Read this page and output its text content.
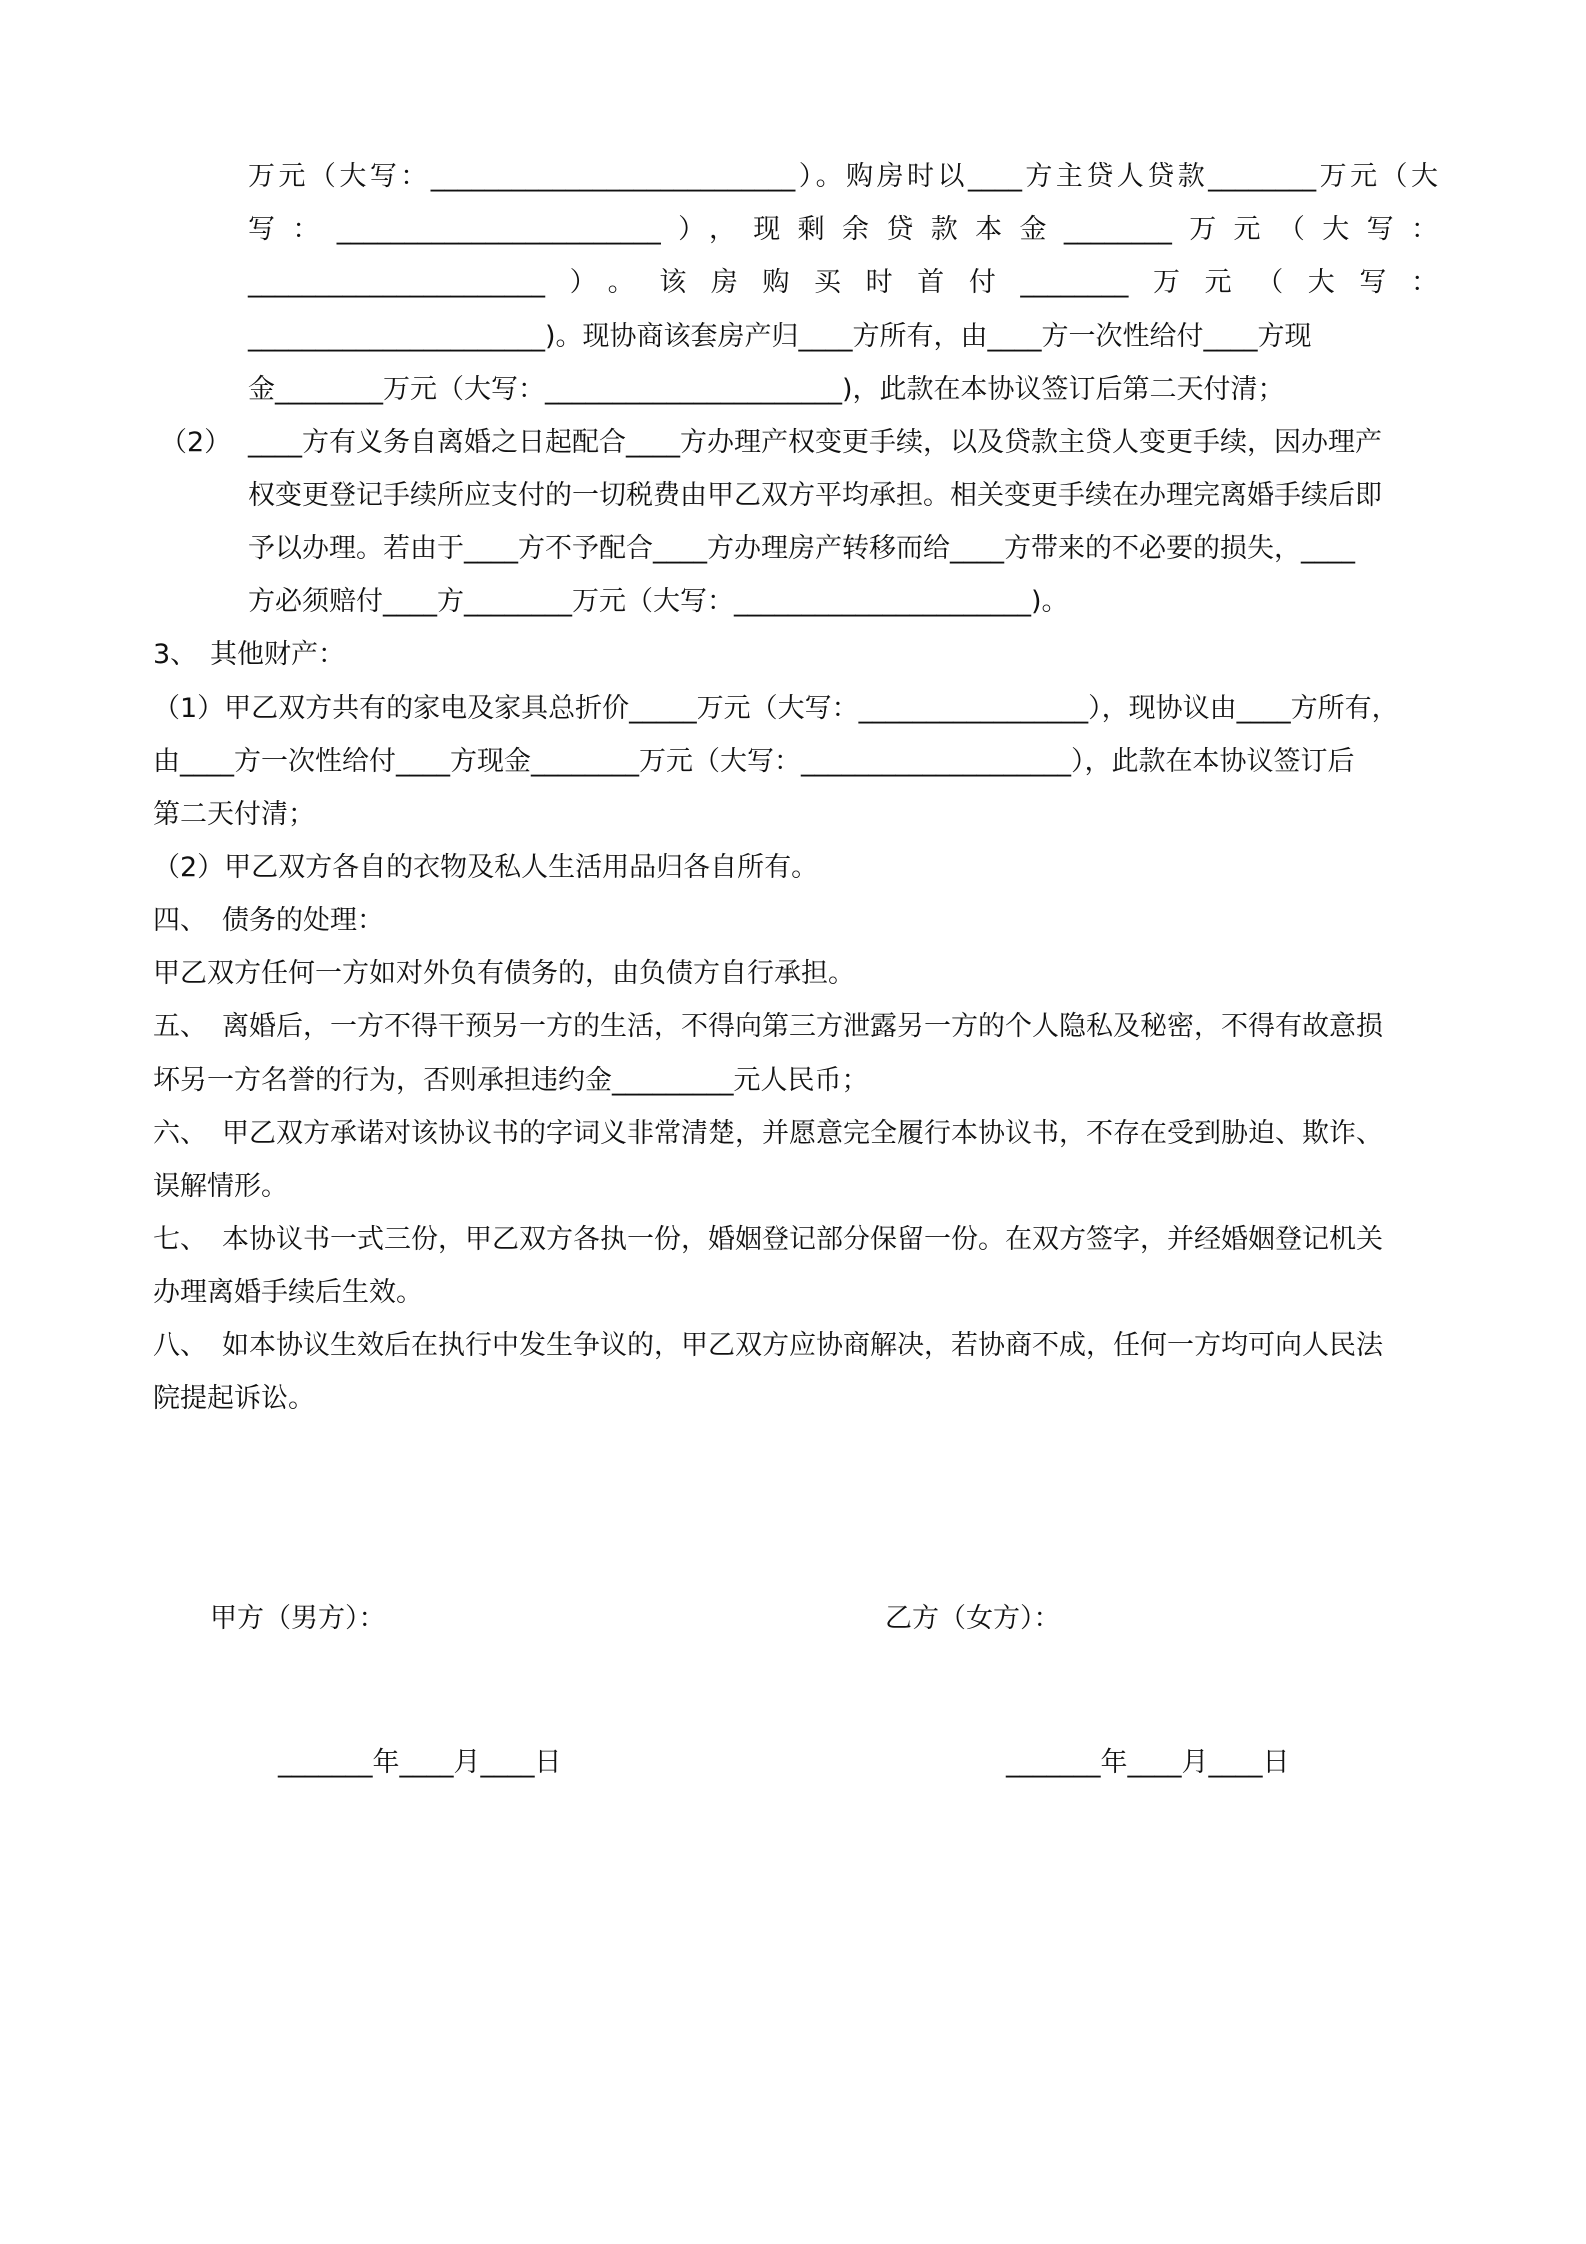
万元（大写：___________________________）。购房时以____方主贷人贷款________万元（大
写：________________________），现剩余贷款本金________万元（大写：
______________________）。该房购买时首付________万元（大写：
______________________)。现协商该套房产归____方所有，由____方一次性给付____方现
金________万元（大写：______________________)，此款在本协议签订后第二天付清；
（2） ____方有义务自离婚之日起配合____方办理产权变更手续，以及贷款主贷人变更手续，因办理产
权变更登记手续所应支付的一切税费由甲乙双方平均承担。相关变更手续在办理完离婚手续后即
予以办理。若由于____方不予配合____方办理房产转移而给____方带来的不必要的损失，____
方必须赔付____方________万元（大写：______________________)。
3、 其他财产：
（1）甲乙双方共有的家电及家具总折价_____万元（大写：_________________），现协议由____方所有，
由____方一次性给付____方现金________万元（大写：____________________），此款在本协议签订后
第二天付清；
（2）甲乙双方各自的衣物及私人生活用品归各自所有。
四、 债务的处理：
甲乙双方任何一方如对外负有债务的，由负债方自行承担。
五、 离婚后，一方不得干预另一方的生活，不得向第三方泄露另一方的个人隐私及秘密，不得有故意损
坏另一方名誉的行为，否则承担违约金_________元人民币；
六、 甲乙双方承诺对该协议书的字词义非常清楚，并愿意完全履行本协议书，不存在受到胁迫、欺诈、
误解情形。
七、 本协议书一式三份，甲乙双方各执一份，婚姻登记部分保留一份。在双方签字，并经婚姻登记机关
办理离婚手续后生效。
八、 如本协议生效后在执行中发生争议的，甲乙双方应协商解决，若协商不成，任何一方均可向人民法
院提起诉讼。
甲方（男方）：	乙方（女方）：
_______年____月____日	_______年____月____日
